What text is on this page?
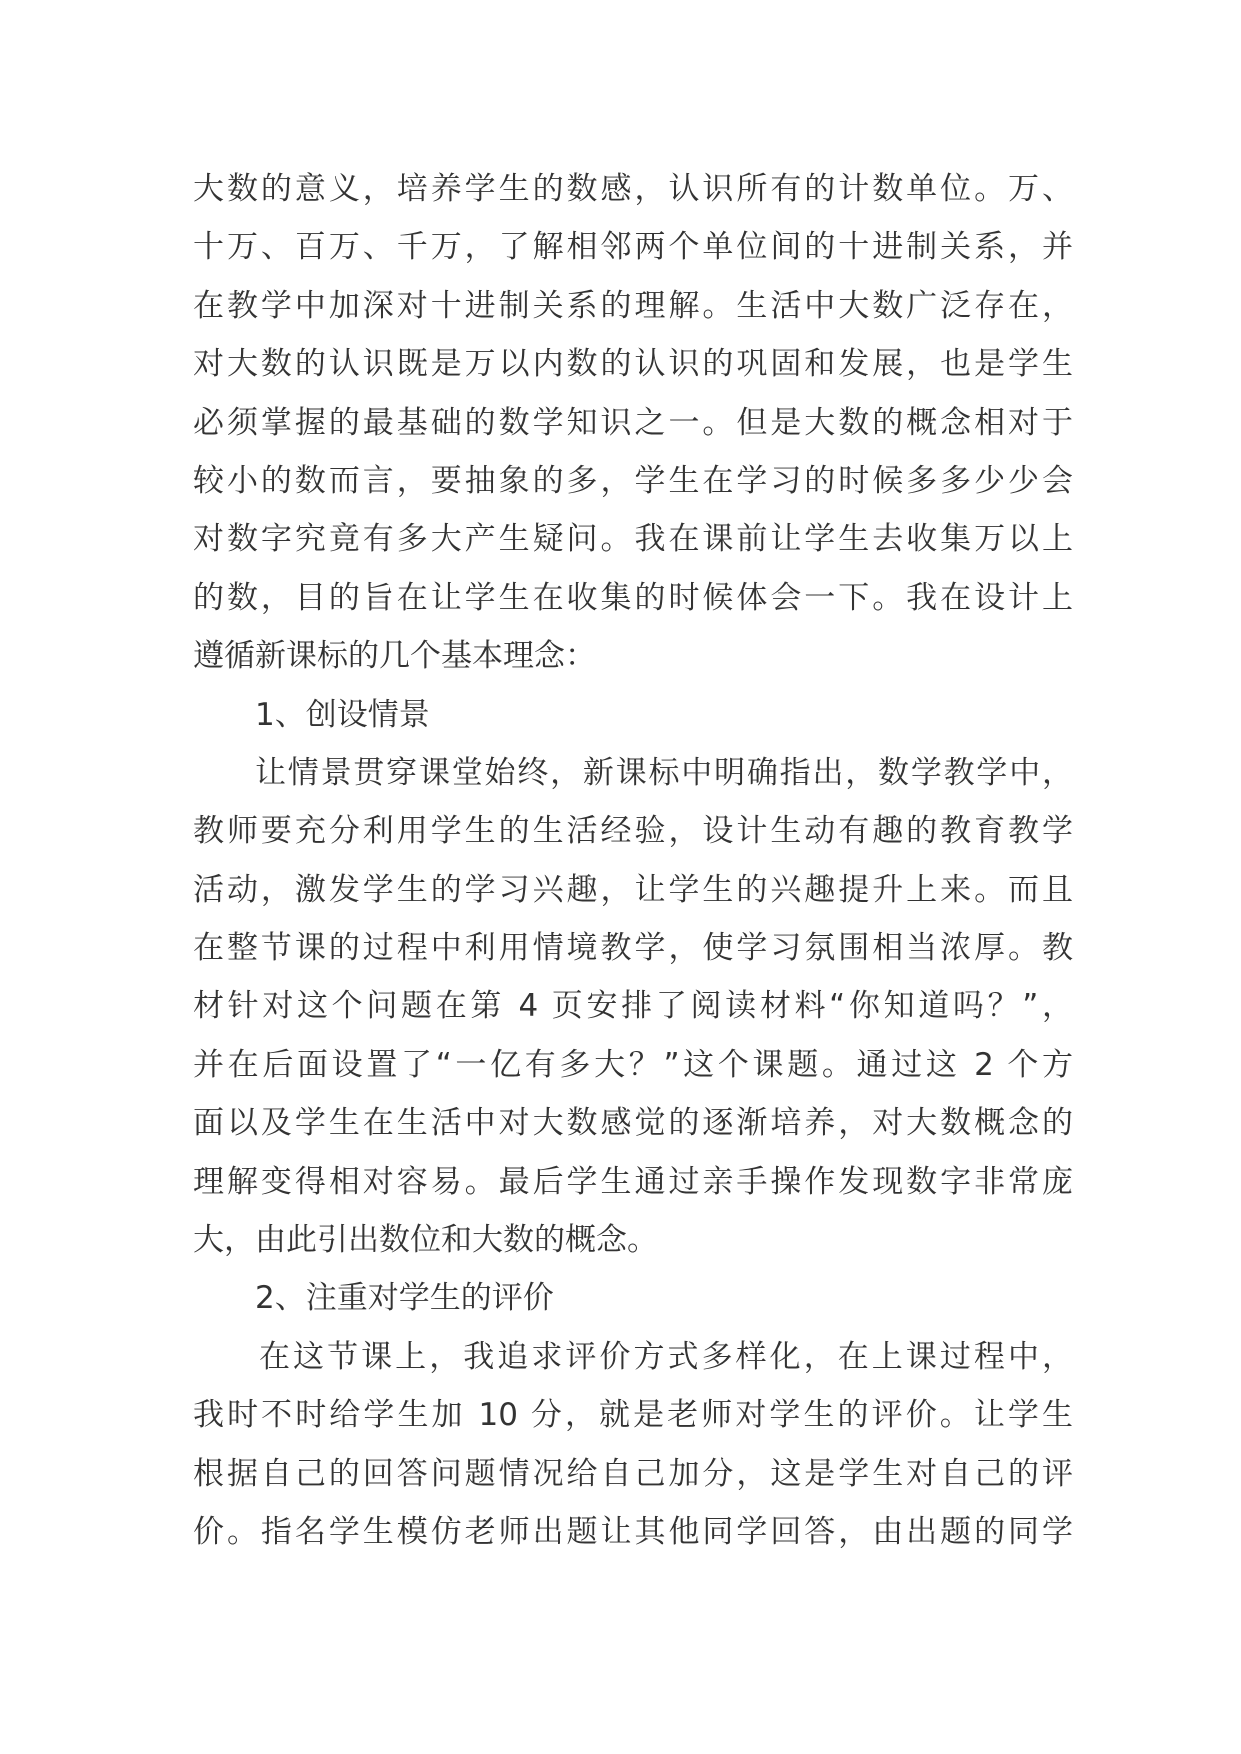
大数的意义，培养学生的数感，认识所有的计数单位。万、
十万、百万、千万，了解相邻两个单位间的十进制关系，并
在教学中加深对十进制关系的理解。生活中大数广泛存在，
对大数的认识既是万以内数的认识的巩固和发展，也是学生
必须掌握的最基础的数学知识之一。但是大数的概念相对于
较小的数而言，要抽象的多，学生在学习的时候多多少少会
对数字究竟有多大产生疑问。我在课前让学生去收集万以上
的数，目的旨在让学生在收集的时候体会一下。我在设计上
遵循新课标的几个基本理念：
1、创设情景
让情景贯穿课堂始终，新课标中明确指出，数学教学中，
教师要充分利用学生的生活经验，设计生动有趣的教育教学
活动，激发学生的学习兴趣，让学生的兴趣提升上来。而且
在整节课的过程中利用情境教学，使学习氛围相当浓厚。教
材针对这个问题在第 4 页安排了阅读材料“你知道吗？”，
并在后面设置了“一亿有多大？”这个课题。通过这 2 个方
面以及学生在生活中对大数感觉的逐渐培养，对大数概念的
理解变得相对容易。最后学生通过亲手操作发现数字非常庞
大，由此引出数位和大数的概念。
2、注重对学生的评价
在这节课上，我追求评价方式多样化，在上课过程中，
我时不时给学生加 10 分，就是老师对学生的评价。让学生
根据自己的回答问题情况给自己加分，这是学生对自己的评
价。指名学生模仿老师出题让其他同学回答，由出题的同学
